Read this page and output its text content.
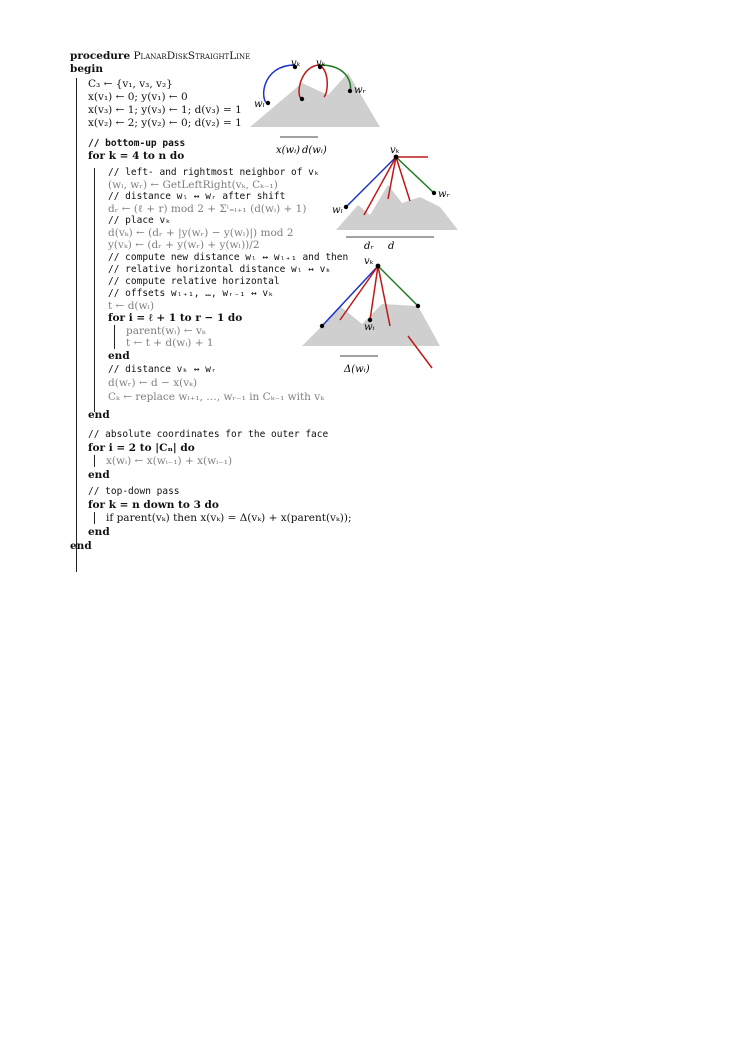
procedure PlanarDiskStraightLine
begin
C₃ ← {v₁, v₃, v₂}
x(v₁) ← 0; y(v₁) ← 0
x(v₃) ← 1; y(v₃) ← 1; d(v₃) = 1
x(v₂) ← 2; y(v₂) ← 0; d(v₂) = 1
// bottom-up pass
for k = 4 to n do
// left- and rightmost neighbor of vₖ
(wₗ, wᵣ) ← GetLeftRight(vₖ, Cₖ₋₁)
// distance wₗ ↔ wᵣ after shift
dᵣ ← (ℓ + r) mod 2 + Σⁱ₌ₗ₊₁ (d(wᵢ) + 1)
// place vₖ
d(vₖ) ← (dᵣ + |y(wᵣ) − y(wₗ)|) mod 2
y(vₖ) ← (dᵣ + y(wᵣ) + y(wₗ))/2
// compute new distance wₗ ↔ wₗ₊₁ and then
// relative horizontal distance wₗ ↔ vₖ
// compute relative horizontal
// offsets wₗ₊₁, …, wᵣ₋₁ ↔ vₖ
t ← d(wₗ)
for i = ℓ + 1 to r − 1 do
parent(wᵢ) ← vₖ
t ← t + d(wᵢ) + 1
end
// distance vₖ ↔ wᵣ
d(wᵣ) ← d − x(vₖ)
Cₖ ← replace wₗ₊₁, …, wᵣ₋₁ in Cₖ₋₁ with vₖ
end
// absolute coordinates for the outer face
for i = 2 to |Cₙ| do
x(wᵢ) ← x(wᵢ₋₁) + x(wᵢ₋₁)
end
// top-down pass
for k = n down to 3 do
if parent(vₖ) then x(vₖ) = Δ(vₖ) + x(parent(vₖ));
end
end
vₖ vₖ
wₗ
wᵣ
x(wᵢ) d(wᵢ)	vₖ
wₗ
wᵣ
dᵣ d
vₖ
wᵢ
Δ(wᵢ)
